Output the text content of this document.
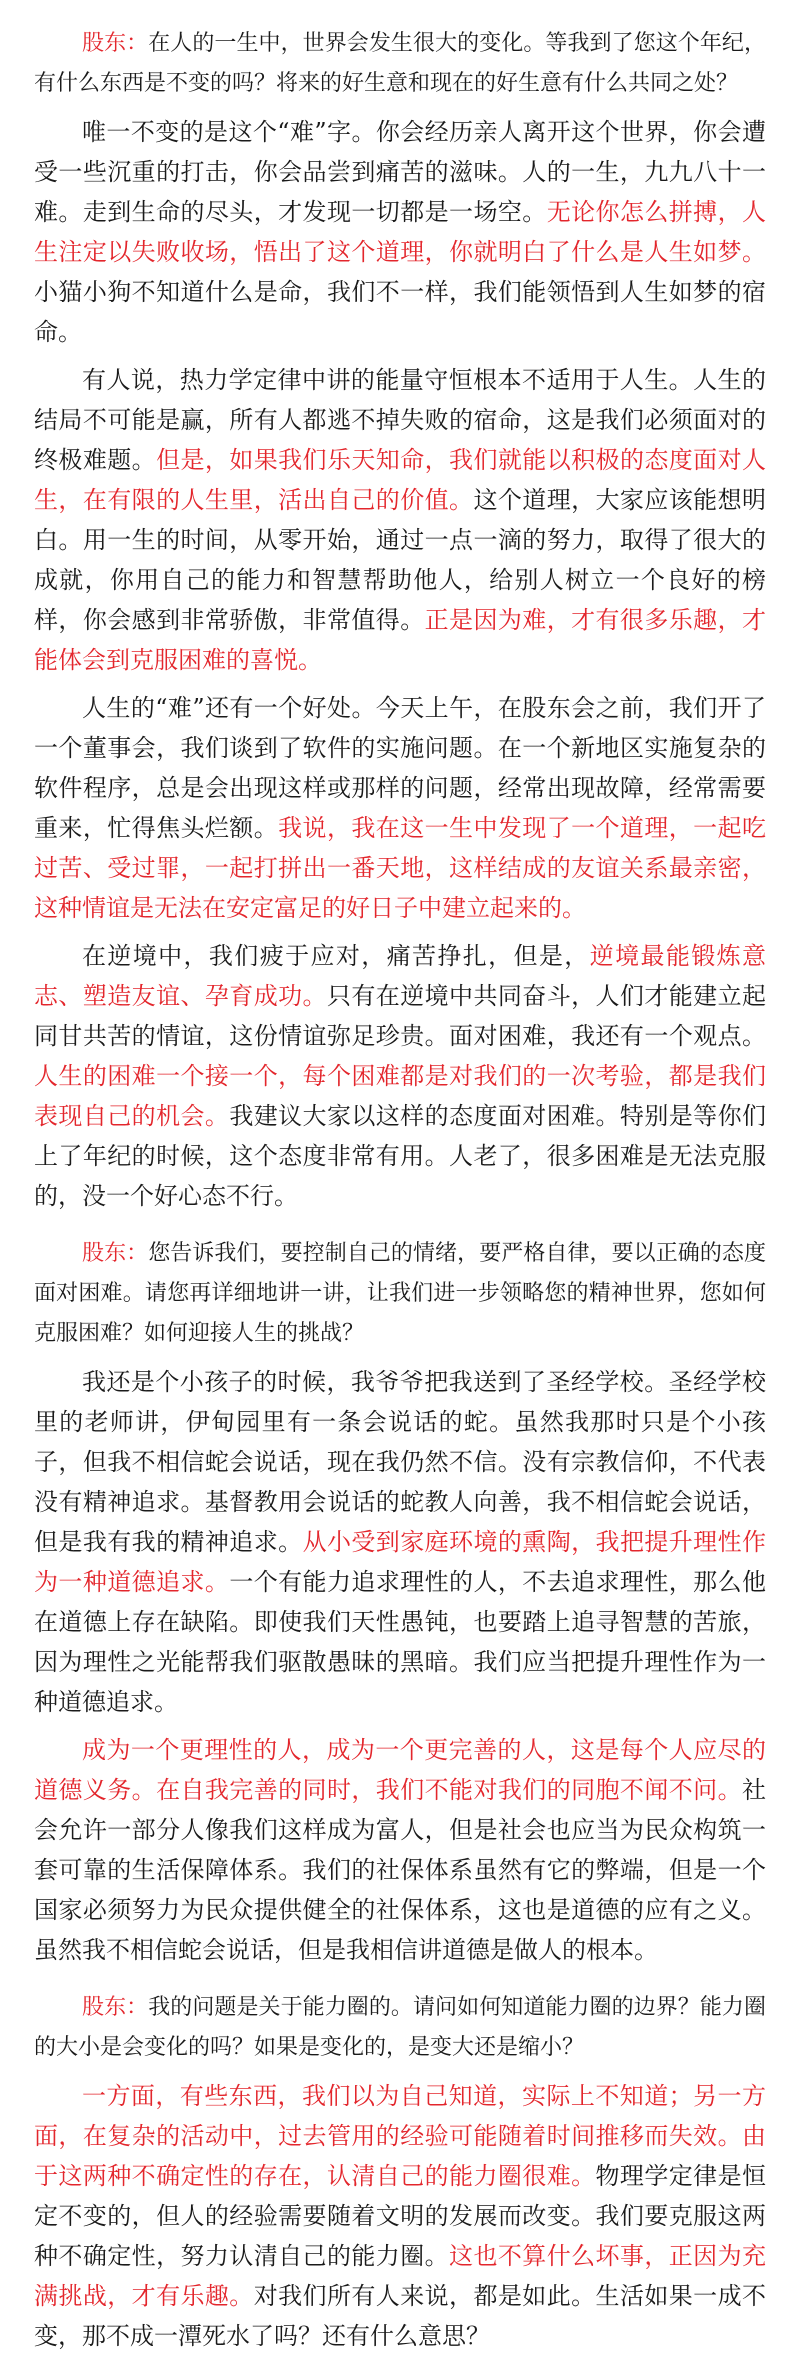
股东：在人的一生中，世界会发生很大的变化。等我到了您这个年纪，有什么东西是不变的吗？将来的好生意和现在的好生意有什么共同之处？

唯一不变的是这个“难”字。你会经历亲人离开这个世界，你会遭受一些沉重的打击，你会品尝到痛苦的滋味。人的一生，九九八十一难。走到生命的尽头，才发现一切都是一场空。无论你怎么拼搏，人生注定以失败收场，悟出了这个道理，你就明白了什么是人生如梦。小猫小狗不知道什么是命，我们不一样，我们能领悟到人生如梦的宿命。

有人说，热力学定律中讲的能量守恒根本不适用于人生。人生的结局不可能是赢，所有人都逃不掉失败的宿命，这是我们必须面对的终极难题。但是，如果我们乐天知命，我们就能以积极的态度面对人生，在有限的人生里，活出自己的价值。这个道理，大家应该能想明白。用一生的时间，从零开始，通过一点一滴的努力，取得了很大的成就，你用自己的能力和智慧帮助他人，给别人树立一个良好的榜样，你会感到非常骄傲，非常值得。正是因为难，才有很多乐趣，才能体会到克服困难的喜悦。

人生的“难”还有一个好处。今天上午，在股东会之前，我们开了一个董事会，我们谈到了软件的实施问题。在一个新地区实施复杂的软件程序，总是会出现这样或那样的问题，经常出现故障，经常需要重来，忙得焦头烂额。我说，我在这一生中发现了一个道理，一起吃过苦、受过罪，一起打拼出一番天地，这样结成的友谊关系最亲密，这种情谊是无法在安定富足的好日子中建立起来的。

在逆境中，我们疲于应对，痛苦挣扎，但是，逆境最能锻炼意志、塑造友谊、孕育成功。只有在逆境中共同奋斗，人们才能建立起同甘共苦的情谊，这份情谊弥足珍贵。面对困难，我还有一个观点。人生的困难一个接一个，每个困难都是对我们的一次考验，都是我们表现自己的机会。我建议大家以这样的态度面对困难。特别是等你们上了年纪的时候，这个态度非常有用。人老了，很多困难是无法克服的，没一个好心态不行。

股东：您告诉我们，要控制自己的情绪，要严格自律，要以正确的态度面对困难。请您再详细地讲一讲，让我们进一步领略您的精神世界，您如何克服困难？如何迎接人生的挑战？

我还是个小孩子的时候，我爷爷把我送到了圣经学校。圣经学校里的老师讲，伊甸园里有一条会说话的蛇。虽然我那时只是个小孩子，但我不相信蛇会说话，现在我仍然不信。没有宗教信仰，不代表没有精神追求。基督教用会说话的蛇教人向善，我不相信蛇会说话，但是我有我的精神追求。从小受到家庭环境的熏陶，我把提升理性作为一种道德追求。一个有能力追求理性的人，不去追求理性，那么他在道德上存在缺陷。即使我们天性愚钝，也要踏上追寻智慧的苦旅，因为理性之光能帮我们驱散愚昧的黑暗。我们应当把提升理性作为一种道德追求。

成为一个更理性的人，成为一个更完善的人，这是每个人应尽的道德义务。在自我完善的同时，我们不能对我们的同胞不闻不问。社会允许一部分人像我们这样成为富人，但是社会也应当为民众构筑一套可靠的生活保障体系。我们的社保体系虽然有它的弊端，但是一个国家必须努力为民众提供健全的社保体系，这也是道德的应有之义。虽然我不相信蛇会说话，但是我相信讲道德是做人的根本。

股东：我的问题是关于能力圈的。请问如何知道能力圈的边界？能力圈的大小是会变化的吗？如果是变化的，是变大还是缩小？

一方面，有些东西，我们以为自己知道，实际上不知道；另一方面，在复杂的活动中，过去管用的经验可能随着时间推移而失效。由于这两种不确定性的存在，认清自己的能力圈很难。物理学定律是恒定不变的，但人的经验需要随着文明的发展而改变。我们要克服这两种不确定性，努力认清自己的能力圈。这也不算什么坏事，正因为充满挑战，才有乐趣。对我们所有人来说，都是如此。生活如果一成不变，那不成一潭死水了吗？还有什么意思？
